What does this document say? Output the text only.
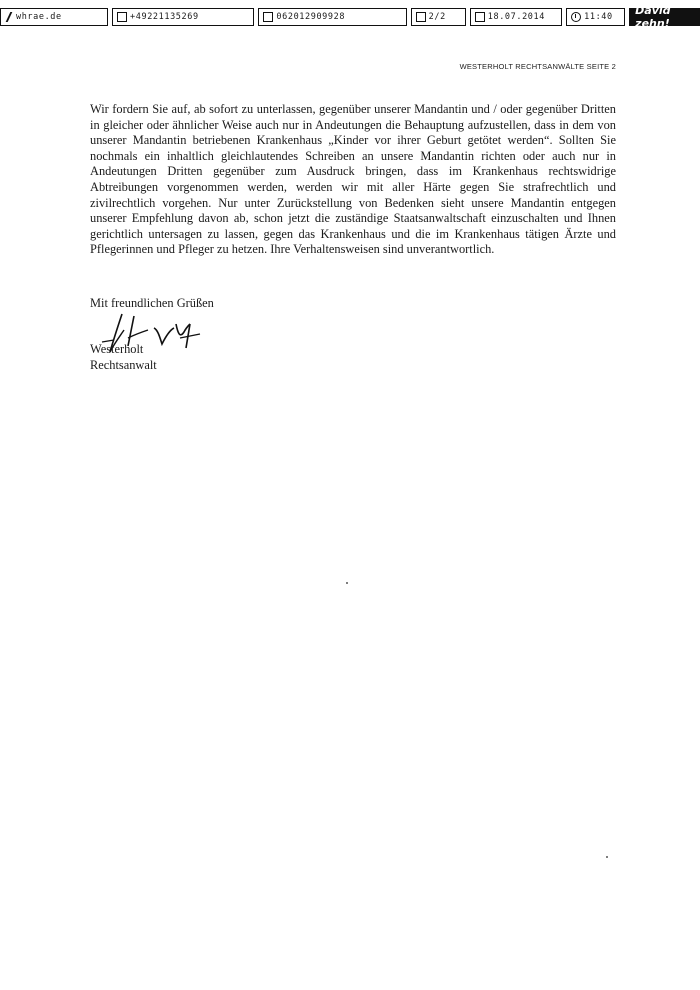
whrae.de	+49221135269	062012909928	2/2	18.07.2014	11:40	David zehn!
WESTERHOLT RECHTSANWÄLTE SEITE 2
Wir fordern Sie auf, ab sofort zu unterlassen, gegenüber unserer Mandantin und / oder gegenüber Dritten in gleicher oder ähnlicher Weise auch nur in Andeutungen die Behauptung aufzustellen, dass in dem von unserer Mandantin betriebenen Krankenhaus „Kinder vor ihrer Geburt getötet werden“. Sollten Sie nochmals ein inhaltlich gleichlautendes Schreiben an unsere Mandantin richten oder auch nur in Andeutungen Dritten gegenüber zum Ausdruck bringen, dass im Krankenhaus rechtswidrige Abtreibungen vorgenommen werden, werden wir mit aller Härte gegen Sie strafrechtlich und zivilrechtlich vorgehen. Nur unter Zurückstellung von Bedenken sieht unsere Mandantin entgegen unserer Empfehlung davon ab, schon jetzt die zuständige Staatsanwaltschaft einzuschalten und Ihnen gerichtlich untersagen zu lassen, gegen das Krankenhaus und die im Krankenhaus tätigen Ärzte und Pflegerinnen und Pfleger zu hetzen. Ihre Verhaltensweisen sind unverantwortlich.
Mit freundlichen Grüßen
Westerholt
Rechtsanwalt
